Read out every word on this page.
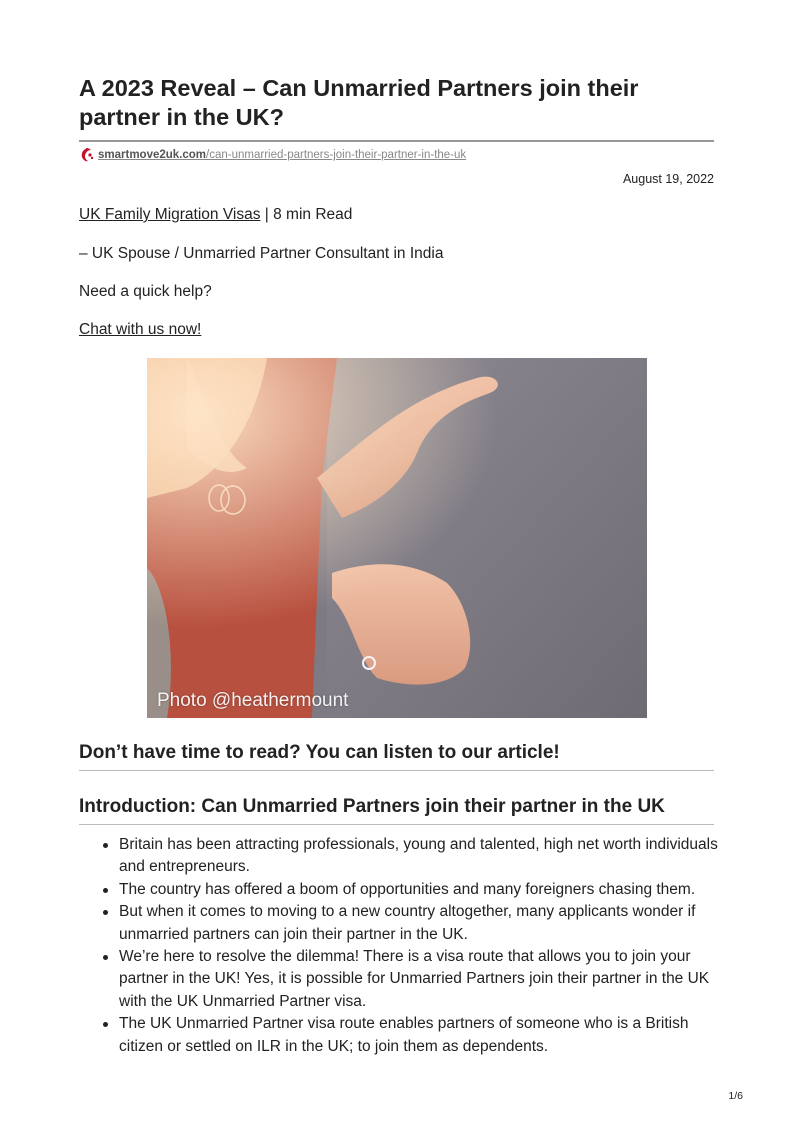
A 2023 Reveal – Can Unmarried Partners join their partner in the UK?
smartmove2uk.com/can-unmarried-partners-join-their-partner-in-the-uk
August 19, 2022

UK Family Migration Visas | 8 min Read

– UK Spouse / Unmarried Partner Consultant in India

Need a quick help?

Chat with us now!

Photo @heathermount
Don’t have time to read? You can listen to our article!
Introduction: Can Unmarried Partners join their partner in the UK
Britain has been attracting professionals, young and talented, high net worth individuals and entrepreneurs.
The country has offered a boom of opportunities and many foreigners chasing them.
But when it comes to moving to a new country altogether, many applicants wonder if unmarried partners can join their partner in the UK.
We’re here to resolve the dilemma! There is a visa route that allows you to join your partner in the UK! Yes, it is possible for Unmarried Partners join their partner in the UK with the UK Unmarried Partner visa.
The UK Unmarried Partner visa route enables partners of someone who is a British citizen or settled on ILR in the UK; to join them as dependents.
1/6
